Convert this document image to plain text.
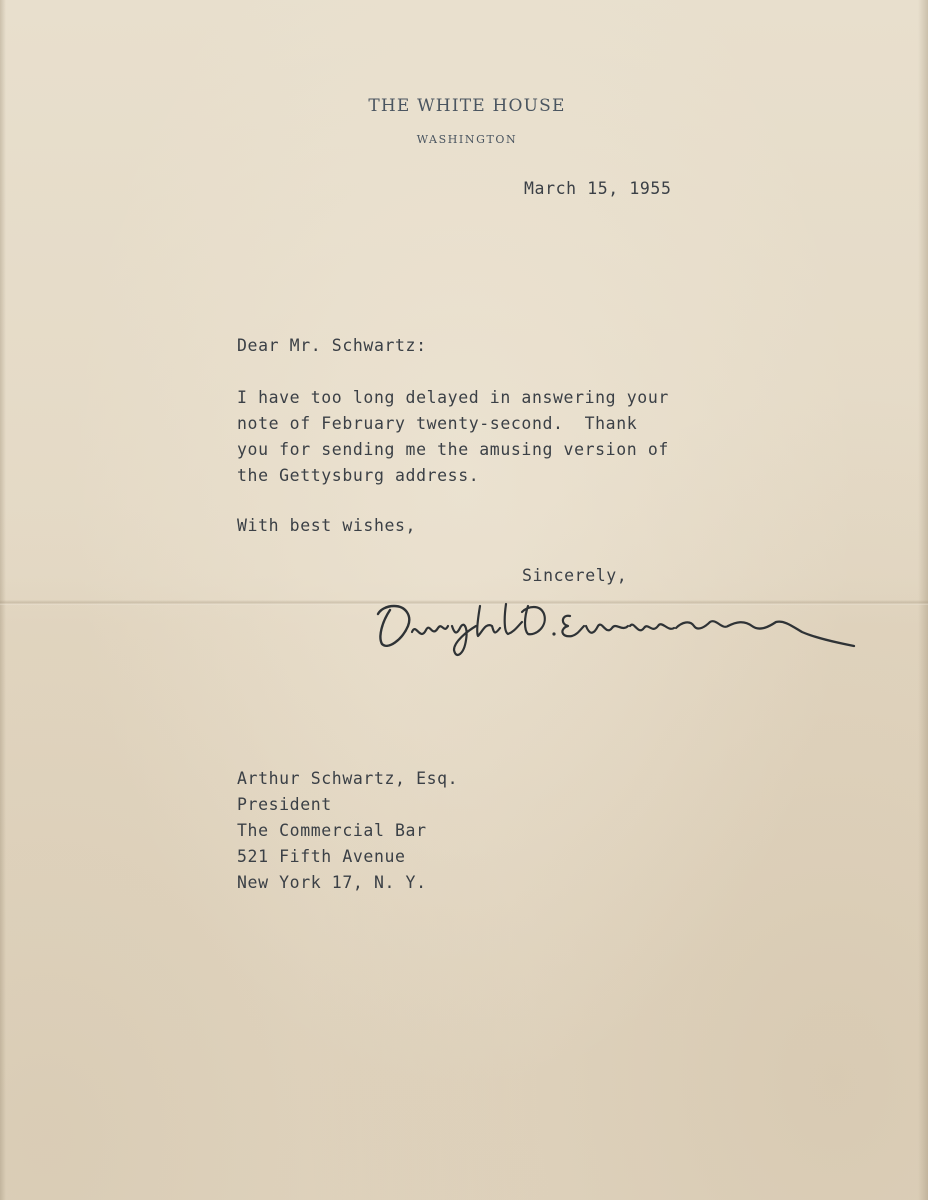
THE WHITE HOUSE
WASHINGTON
March 15, 1955
Dear Mr. Schwartz:
I have too long delayed in answering your
note of February twenty-second.  Thank
you for sending me the amusing version of
the Gettysburg address.
With best wishes,
Sincerely,
Arthur Schwartz, Esq.
President
The Commercial Bar
521 Fifth Avenue
New York 17, N. Y.
